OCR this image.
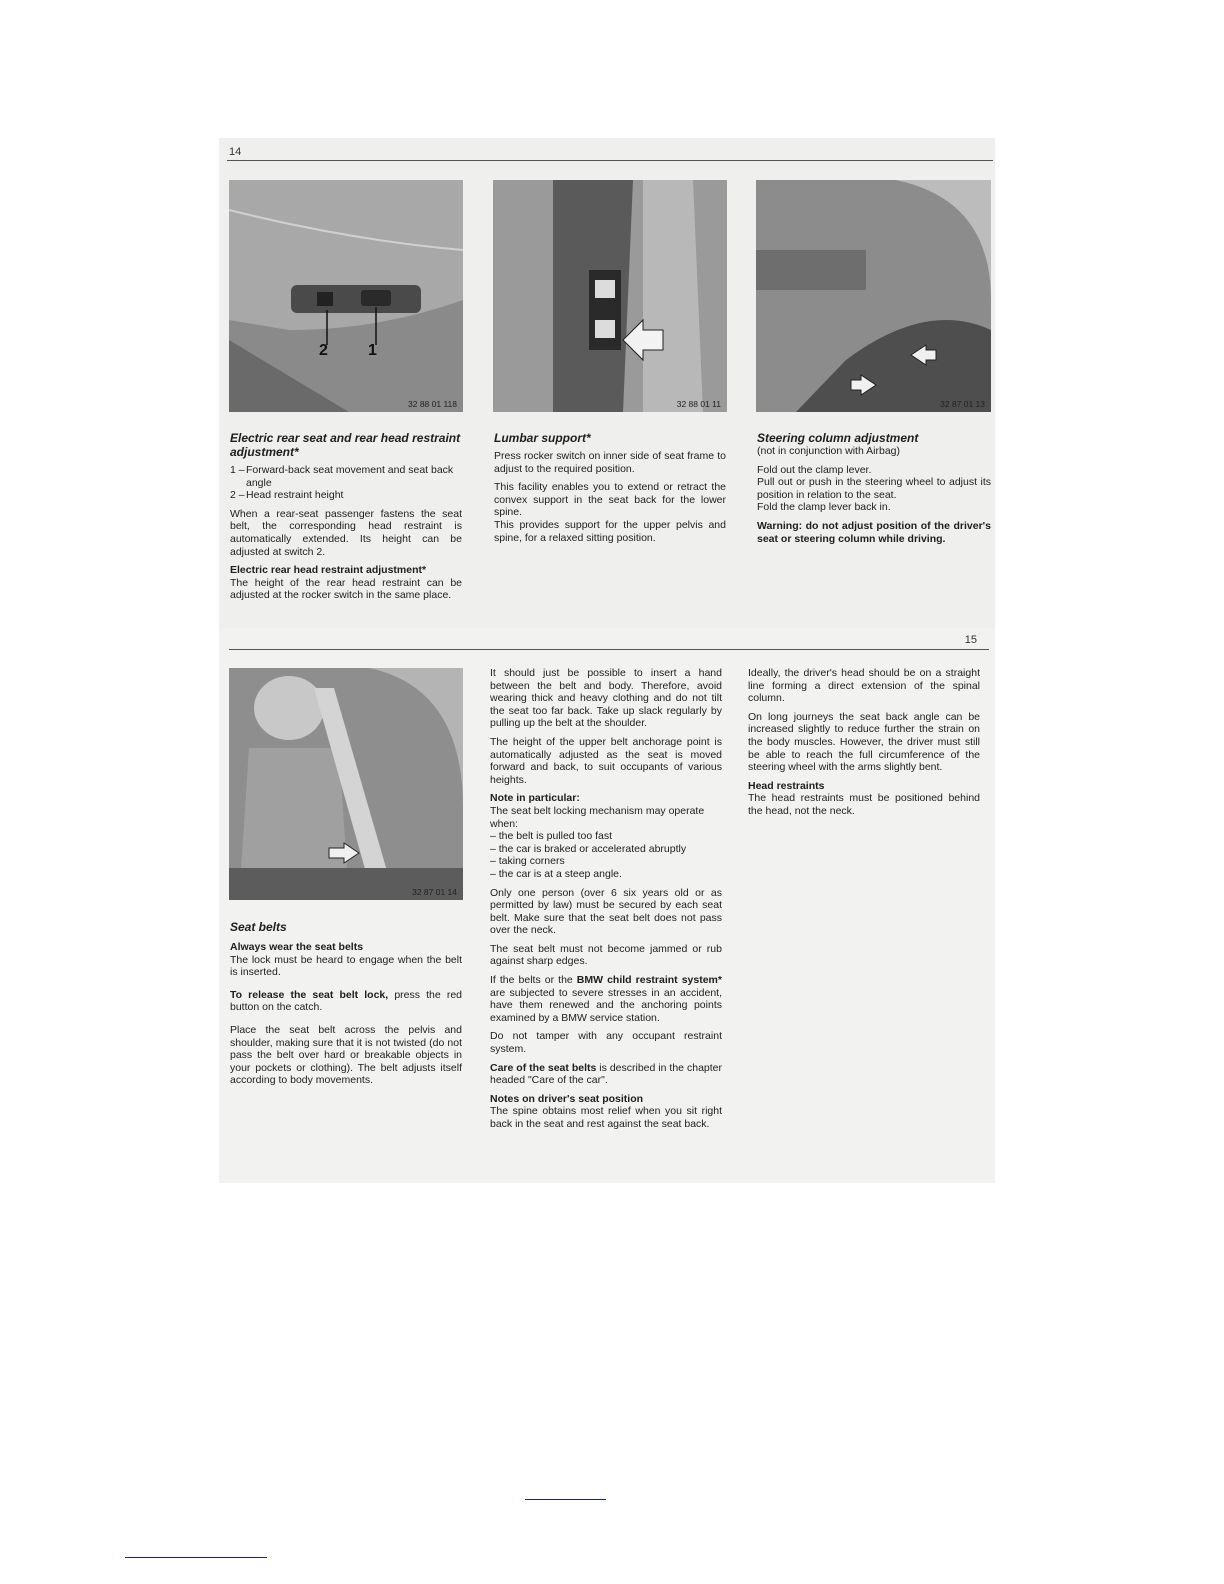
14
2	1
32 88 01 118	32 88 01 11	32 87 01 13
Electric rear seat and rear head restraint adjustment*
1 – Forward-back seat movement and seat back angle
2 – Head restraint height

When a rear-seat passenger fastens the seat belt, the corresponding head restraint is automatically extended. Its height can be adjusted at switch 2.

Electric rear head restraint adjustment*

The height of the rear head restraint can be adjusted at the rocker switch in the same place.

Lumbar support*

Press rocker switch on inner side of seat frame to adjust to the required position.

This facility enables you to extend or retract the convex support in the seat back for the lower spine.

This provides support for the upper pelvis and spine, for a relaxed sitting position.

Steering column adjustment

(not in conjunction with Airbag)

Fold out the clamp lever.

Pull out or push in the steering wheel to adjust its position in relation to the seat.

Fold the clamp lever back in.

Warning: do not adjust position of the driver's seat or steering column while driving.

15
32 87 01 14
Seat belts
Always wear the seat belts

The lock must be heard to engage when the belt is inserted.

To release the seat belt lock, press the red button on the catch.

Place the seat belt across the pelvis and shoulder, making sure that it is not twisted (do not pass the belt over hard or breakable objects in your pockets or clothing). The belt adjusts itself according to body movements.

It should just be possible to insert a hand between the belt and body. Therefore, avoid wearing thick and heavy clothing and do not tilt the seat too far back. Take up slack regularly by pulling up the belt at the shoulder.

The height of the upper belt anchorage point is automatically adjusted as the seat is moved forward and back, to suit occupants of various heights.

Note in particular:
The seat belt locking mechanism may operate when:
– the belt is pulled too fast
– the car is braked or accelerated abruptly
– taking corners
– the car is at a steep angle.

Only one person (over 6 six years old or as permitted by law) must be secured by each seat belt. Make sure that the seat belt does not pass over the neck.

The seat belt must not become jammed or rub against sharp edges.

If the belts or the BMW child restraint system* are subjected to severe stresses in an accident, have them renewed and the anchoring points examined by a BMW service station.

Do not tamper with any occupant restraint system.

Care of the seat belts is described in the chapter headed "Care of the car".

Notes on driver's seat position

The spine obtains most relief when you sit right back in the seat and rest against the seat back.

Ideally, the driver's head should be on a straight line forming a direct extension of the spinal column.

On long journeys the seat back angle can be increased slightly to reduce further the strain on the body muscles. However, the driver must still be able to reach the full circumference of the steering wheel with the arms slightly bent.

Head restraints

The head restraints must be positioned behind the head, not the neck.
